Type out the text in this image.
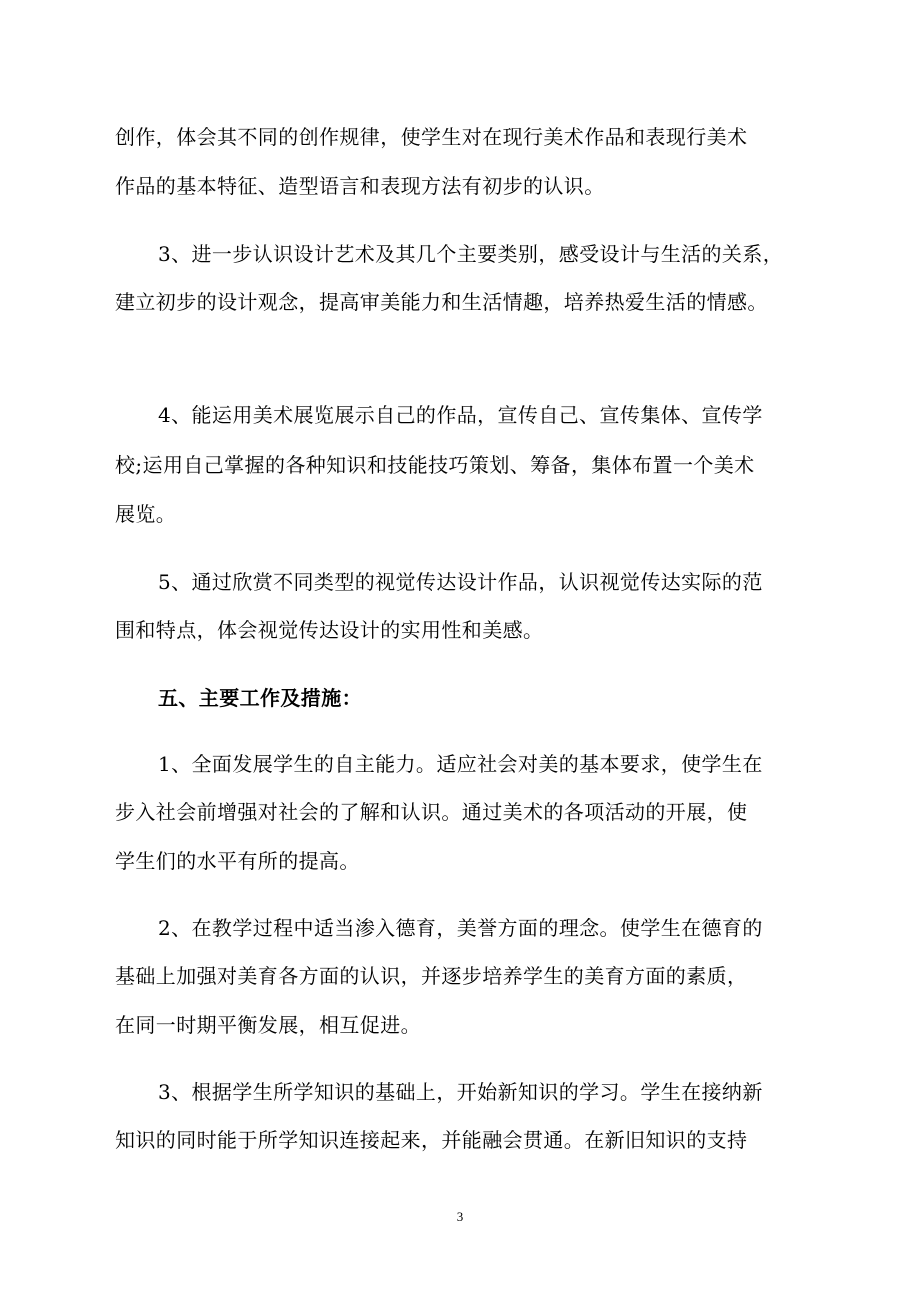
创作，体会其不同的创作规律，使学生对在现行美术作品和表现行美术
作品的基本特征、造型语言和表现方法有初步的认识。
3、进一步认识设计艺术及其几个主要类别，感受设计与生活的关系，
建立初步的设计观念，提高审美能力和生活情趣，培养热爱生活的情感。
4、能运用美术展览展示自己的作品，宣传自己、宣传集体、宣传学
校;运用自己掌握的各种知识和技能技巧策划、筹备，集体布置一个美术
展览。
5、通过欣赏不同类型的视觉传达设计作品，认识视觉传达实际的范
围和特点，体会视觉传达设计的实用性和美感。
五、主要工作及措施：
1、全面发展学生的自主能力。适应社会对美的基本要求，使学生在
步入社会前增强对社会的了解和认识。通过美术的各项活动的开展，使
学生们的水平有所的提高。
2、在教学过程中适当渗入德育，美誉方面的理念。使学生在德育的
基础上加强对美育各方面的认识，并逐步培养学生的美育方面的素质，
在同一时期平衡发展，相互促进。
3、根据学生所学知识的基础上，开始新知识的学习。学生在接纳新
知识的同时能于所学知识连接起来，并能融会贯通。在新旧知识的支持
3
